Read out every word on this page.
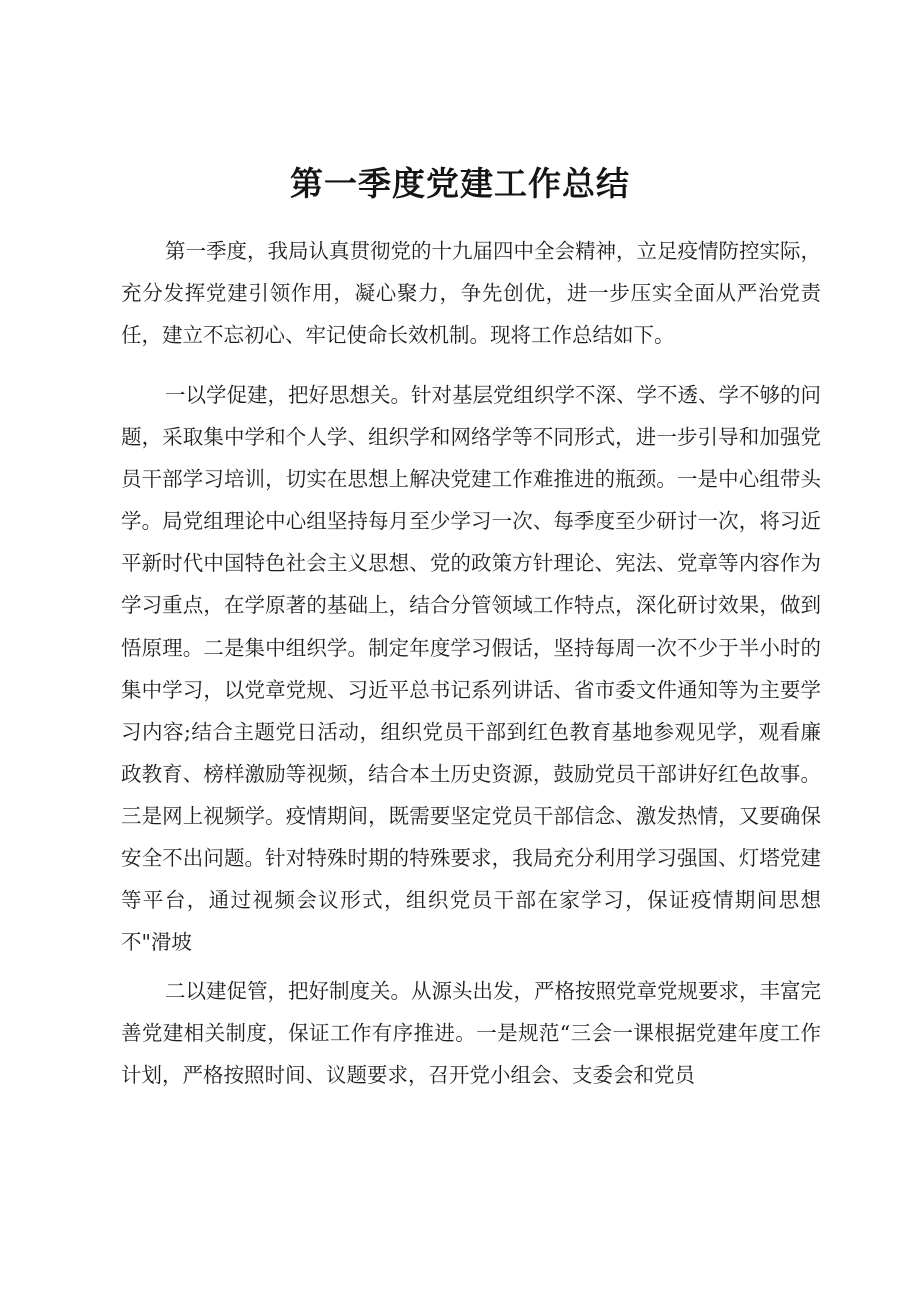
第一季度党建工作总结

第一季度，我局认真贯彻党的十九届四中全会精神，立足疫情防控实际，充分发挥党建引领作用，凝心聚力，争先创优，进一步压实全面从严治党责任，建立不忘初心、牢记使命长效机制。现将工作总结如下。

一以学促建，把好思想关。针对基层党组织学不深、学不透、学不够的问题，采取集中学和个人学、组织学和网络学等不同形式，进一步引导和加强党员干部学习培训，切实在思想上解决党建工作难推进的瓶颈。一是中心组带头学。局党组理论中心组坚持每月至少学习一次、每季度至少研讨一次，将习近平新时代中国特色社会主义思想、党的政策方针理论、宪法、党章等内容作为学习重点，在学原著的基础上，结合分管领域工作特点，深化研讨效果，做到悟原理。二是集中组织学。制定年度学习假话，坚持每周一次不少于半小时的集中学习，以党章党规、习近平总书记系列讲话、省市委文件通知等为主要学习内容;结合主题党日活动，组织党员干部到红色教育基地参观见学，观看廉政教育、榜样激励等视频，结合本土历史资源，鼓励党员干部讲好红色故事。三是网上视频学。疫情期间，既需要坚定党员干部信念、激发热情，又要确保安全不出问题。针对特殊时期的特殊要求，我局充分利用学习强国、灯塔党建等平台，通过视频会议形式，组织党员干部在家学习，保证疫情期间思想不"滑坡

二以建促管，把好制度关。从源头出发，严格按照党章党规要求，丰富完善党建相关制度，保证工作有序推进。一是规范“三会一课根据党建年度工作计划，严格按照时间、议题要求，召开党小组会、支委会和党员
